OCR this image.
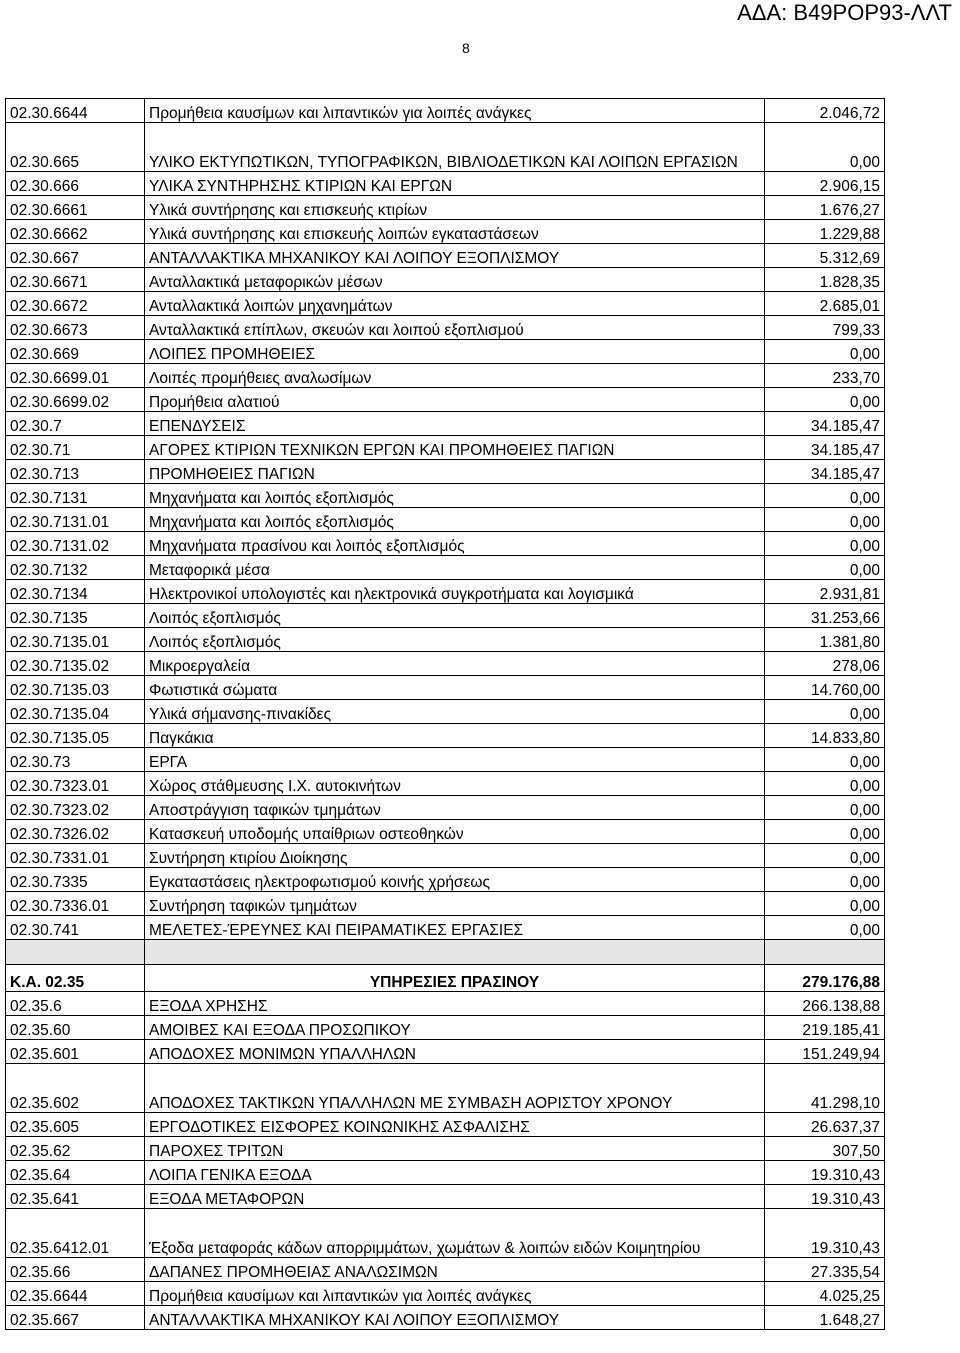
ΑΔΑ: Β49ΡΟΡ93-ΛΛΤ
8
02.30.6644	Προμήθεια καυσίμων και λιπαντικών για λοιπές ανάγκες	2.046,72
02.30.665	ΥΛΙΚΟ ΕΚΤΥΠΩΤΙΚΩΝ, ΤΥΠΟΓΡΑΦΙΚΩΝ, ΒΙΒΛΙΟΔΕΤΙΚΩΝ ΚΑΙ ΛΟΙΠΩΝ ΕΡΓΑΣΙΩΝ	0,00
02.30.666	ΥΛΙΚΑ ΣΥΝΤΗΡΗΣΗΣ ΚΤΙΡΙΩΝ ΚΑΙ ΕΡΓΩΝ	2.906,15
02.30.6661	Υλικά συντήρησης και επισκευής κτιρίων	1.676,27
02.30.6662	Υλικά συντήρησης και επισκευής λοιπών εγκαταστάσεων	1.229,88
02.30.667	ΑΝΤΑΛΛΑΚΤΙΚΑ ΜΗΧΑΝΙΚΟΥ ΚΑΙ ΛΟΙΠΟΥ ΕΞΟΠΛΙΣΜΟΥ	5.312,69
02.30.6671	Ανταλλακτικά μεταφορικών μέσων	1.828,35
02.30.6672	Ανταλλακτικά λοιπών μηχανημάτων	2.685,01
02.30.6673	Ανταλλακτικά επίπλων, σκευών και λοιπού εξοπλισμού	799,33
02.30.669	ΛΟΙΠΕΣ ΠΡΟΜΗΘΕΙΕΣ	0,00
02.30.6699.01	Λοιπές προμήθειες αναλωσίμων	233,70
02.30.6699.02	Προμήθεια αλατιού	0,00
02.30.7	ΕΠΕΝΔΥΣΕΙΣ	34.185,47
02.30.71	ΑΓΟΡΕΣ ΚΤΙΡΙΩΝ ΤΕΧΝΙΚΩΝ ΕΡΓΩΝ ΚΑΙ ΠΡΟΜΗΘΕΙΕΣ ΠΑΓΙΩΝ	34.185,47
02.30.713	ΠΡΟΜΗΘΕΙΕΣ ΠΑΓΙΩΝ	34.185,47
02.30.7131	Μηχανήματα και λοιπός εξοπλισμός	0,00
02.30.7131.01	Μηχανήματα και λοιπός εξοπλισμός	0,00
02.30.7131.02	Μηχανήματα πρασίνου και λοιπός εξοπλισμός	0,00
02.30.7132	Μεταφορικά μέσα	0,00
02.30.7134	Ηλεκτρονικοί υπολογιστές και ηλεκτρονικά συγκροτήματα και λογισμικά	2.931,81
02.30.7135	Λοιπός εξοπλισμός	31.253,66
02.30.7135.01	Λοιπός εξοπλισμός	1.381,80
02.30.7135.02	Μικροεργαλεία	278,06
02.30.7135.03	Φωτιστικά σώματα	14.760,00
02.30.7135.04	Υλικά σήμανσης-πινακίδες	0,00
02.30.7135.05	Παγκάκια	14.833,80
02.30.73	ΕΡΓΑ	0,00
02.30.7323.01	Χώρος στάθμευσης Ι.Χ. αυτοκινήτων	0,00
02.30.7323.02	Αποστράγγιση ταφικών τμημάτων	0,00
02.30.7326.02	Κατασκευή υποδομής υπαίθριων οστεοθηκών	0,00
02.30.7331.01	Συντήρηση κτιρίου Διοίκησης	0,00
02.30.7335	Εγκαταστάσεις ηλεκτροφωτισμού κοινής χρήσεως	0,00
02.30.7336.01	Συντήρηση ταφικών τμημάτων	0,00
02.30.741	ΜΕΛΕΤΕΣ-ΈΡΕΥΝΕΣ ΚΑΙ ΠΕΙΡΑΜΑΤΙΚΕΣ ΕΡΓΑΣΙΕΣ	0,00

Κ.Α. 02.35	ΥΠΗΡΕΣΙΕΣ ΠΡΑΣΙΝΟΥ	279.176,88
02.35.6	ΕΞΟΔΑ ΧΡΗΣΗΣ	266.138,88
02.35.60	ΑΜΟΙΒΕΣ ΚΑΙ ΕΞΟΔΑ ΠΡΟΣΩΠΙΚΟΥ	219.185,41
02.35.601	ΑΠΟΔΟΧΕΣ ΜΟΝΙΜΩΝ ΥΠΑΛΛΗΛΩΝ	151.249,94
02.35.602	ΑΠΟΔΟΧΕΣ ΤΑΚΤΙΚΩΝ ΥΠΑΛΛΗΛΩΝ ΜΕ ΣΥΜΒΑΣΗ ΑΟΡΙΣΤΟΥ ΧΡΟΝΟΥ	41.298,10
02.35.605	ΕΡΓΟΔΟΤΙΚΕΣ ΕΙΣΦΟΡΕΣ ΚΟΙΝΩΝΙΚΗΣ ΑΣΦΑΛΙΣΗΣ	26.637,37
02.35.62	ΠΑΡΟΧΕΣ ΤΡΙΤΩΝ	307,50
02.35.64	ΛΟΙΠΑ ΓΕΝΙΚΑ ΕΞΟΔΑ	19.310,43
02.35.641	ΕΞΟΔΑ ΜΕΤΑΦΟΡΩΝ	19.310,43
02.35.6412.01	Έξοδα μεταφοράς κάδων απορριμμάτων, χωμάτων & λοιπών ειδών Κοιμητηρίου	19.310,43
02.35.66	ΔΑΠΑΝΕΣ ΠΡΟΜΗΘΕΙΑΣ ΑΝΑΛΩΣΙΜΩΝ	27.335,54
02.35.6644	Προμήθεια καυσίμων και λιπαντικών για λοιπές ανάγκες	4.025,25
02.35.667	ΑΝΤΑΛΛΑΚΤΙΚΑ ΜΗΧΑΝΙΚΟΥ ΚΑΙ ΛΟΙΠΟΥ ΕΞΟΠΛΙΣΜΟΥ	1.648,27
